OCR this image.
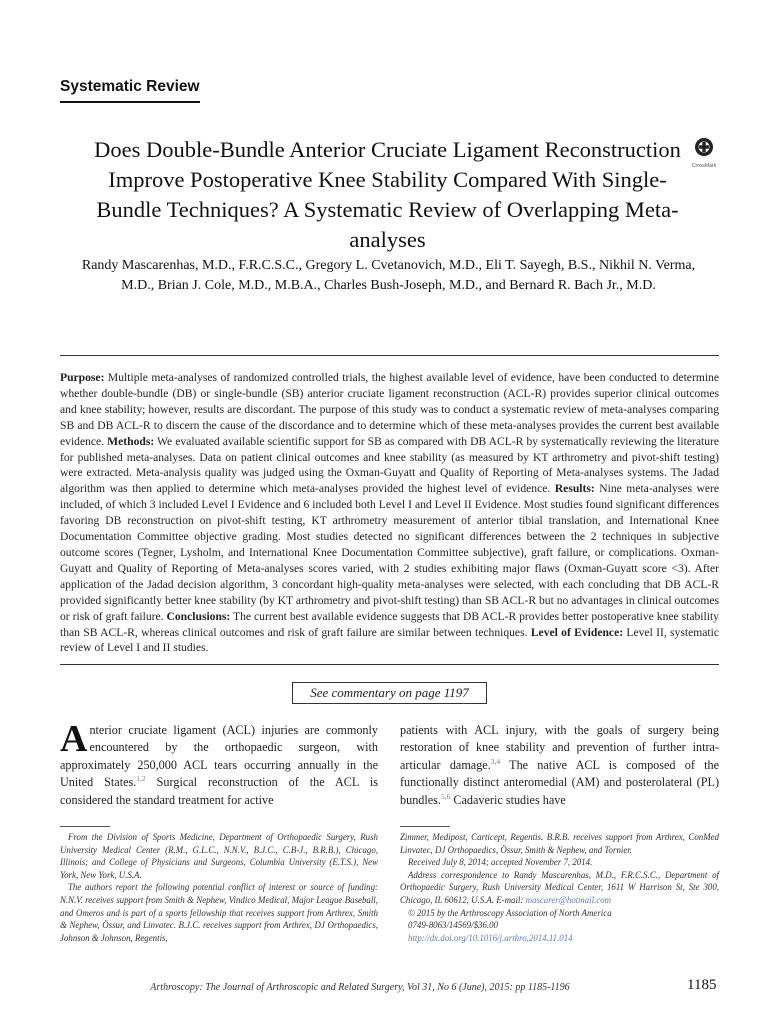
Systematic Review
Does Double-Bundle Anterior Cruciate Ligament Reconstruction Improve Postoperative Knee Stability Compared With Single-Bundle Techniques? A Systematic Review of Overlapping Meta-analyses
CrossMark
Randy Mascarenhas, M.D., F.R.C.S.C., Gregory L. Cvetanovich, M.D., Eli T. Sayegh, B.S., Nikhil N. Verma, M.D., Brian J. Cole, M.D., M.B.A., Charles Bush-Joseph, M.D., and Bernard R. Bach Jr., M.D.
Purpose: Multiple meta-analyses of randomized controlled trials, the highest available level of evidence, have been conducted to determine whether double-bundle (DB) or single-bundle (SB) anterior cruciate ligament reconstruction (ACL-R) provides superior clinical outcomes and knee stability; however, results are discordant. The purpose of this study was to conduct a systematic review of meta-analyses comparing SB and DB ACL-R to discern the cause of the discordance and to determine which of these meta-analyses provides the current best available evidence. Methods: We evaluated available scientific support for SB as compared with DB ACL-R by systematically reviewing the literature for published meta-analyses. Data on patient clinical outcomes and knee stability (as measured by KT arthrometry and pivot-shift testing) were extracted. Meta-analysis quality was judged using the Oxman-Guyatt and Quality of Reporting of Meta-analyses systems. The Jadad algorithm was then applied to determine which meta-analyses provided the highest level of evidence. Results: Nine meta-analyses were included, of which 3 included Level I Evidence and 6 included both Level I and Level II Evidence. Most studies found significant differences favoring DB reconstruction on pivot-shift testing, KT arthrometry measurement of anterior tibial translation, and International Knee Documentation Committee objective grading. Most studies detected no significant differences between the 2 techniques in subjective outcome scores (Tegner, Lysholm, and International Knee Documentation Committee subjective), graft failure, or complications. Oxman-Guyatt and Quality of Reporting of Meta-analyses scores varied, with 2 studies exhibiting major flaws (Oxman-Guyatt score <3). After application of the Jadad decision algorithm, 3 concordant high-quality meta-analyses were selected, with each concluding that DB ACL-R provided significantly better knee stability (by KT arthrometry and pivot-shift testing) than SB ACL-R but no advantages in clinical outcomes or risk of graft failure. Conclusions: The current best available evidence suggests that DB ACL-R provides better postoperative knee stability than SB ACL-R, whereas clinical outcomes and risk of graft failure are similar between techniques. Level of Evidence: Level II, systematic review of Level I and II studies.
See commentary on page 1197
Anterior cruciate ligament (ACL) injuries are commonly encountered by the orthopaedic surgeon, with approximately 250,000 ACL tears occurring annually in the United States.$^{1,2}$ Surgical reconstruction of the ACL is considered the standard treatment for active
patients with ACL injury, with the goals of surgery being restoration of knee stability and prevention of further intra-articular damage.$^{3,4}$ The native ACL is composed of the functionally distinct anteromedial (AM) and posterolateral (PL) bundles.$^{5,6}$ Cadaveric studies have

From the Division of Sports Medicine, Department of Orthopaedic Surgery, Rush University Medical Center (R.M., G.L.C., N.N.V., B.J.C., C.B-J., B.R.B.), Chicago, Illinois; and College of Physicians and Surgeons, Columbia University (E.T.S.), New York, New York, U.S.A.

The authors report the following potential conflict of interest or source of funding: N.N.V. receives support from Smith & Nephew, Vindico Medical, Major League Baseball, and Omeros and is part of a sports fellowship that receives support from Arthrex, Smith & Nephew, Össur, and Linvatec. B.J.C. receives support from Arthrex, DJ Orthopaedics, Johnson & Johnson, Regentis,

Zimmer, Medipost, Carticept, Regentis. B.R.B. receives support from Arthrex, ConMed Linvatec, DJ Orthopaedics, Össur, Smith & Nephew, and Tornier.

Received July 8, 2014; accepted November 7, 2014.

Address correspondence to Randy Mascarenhas, M.D., F.R.C.S.C., Department of Orthopaedic Surgery, Rush University Medical Center, 1611 W Harrison St, Ste 300, Chicago, IL 60612, U.S.A. E-mail: mascarer@hotmail.com

© 2015 by the Arthroscopy Association of North America

0749-8063/14569/$36.00

http://dx.doi.org/10.1016/j.arthro.2014.11.014

Arthroscopy: The Journal of Arthroscopic and Related Surgery, Vol 31, No 6 (June), 2015: pp 1185-1196	1185
